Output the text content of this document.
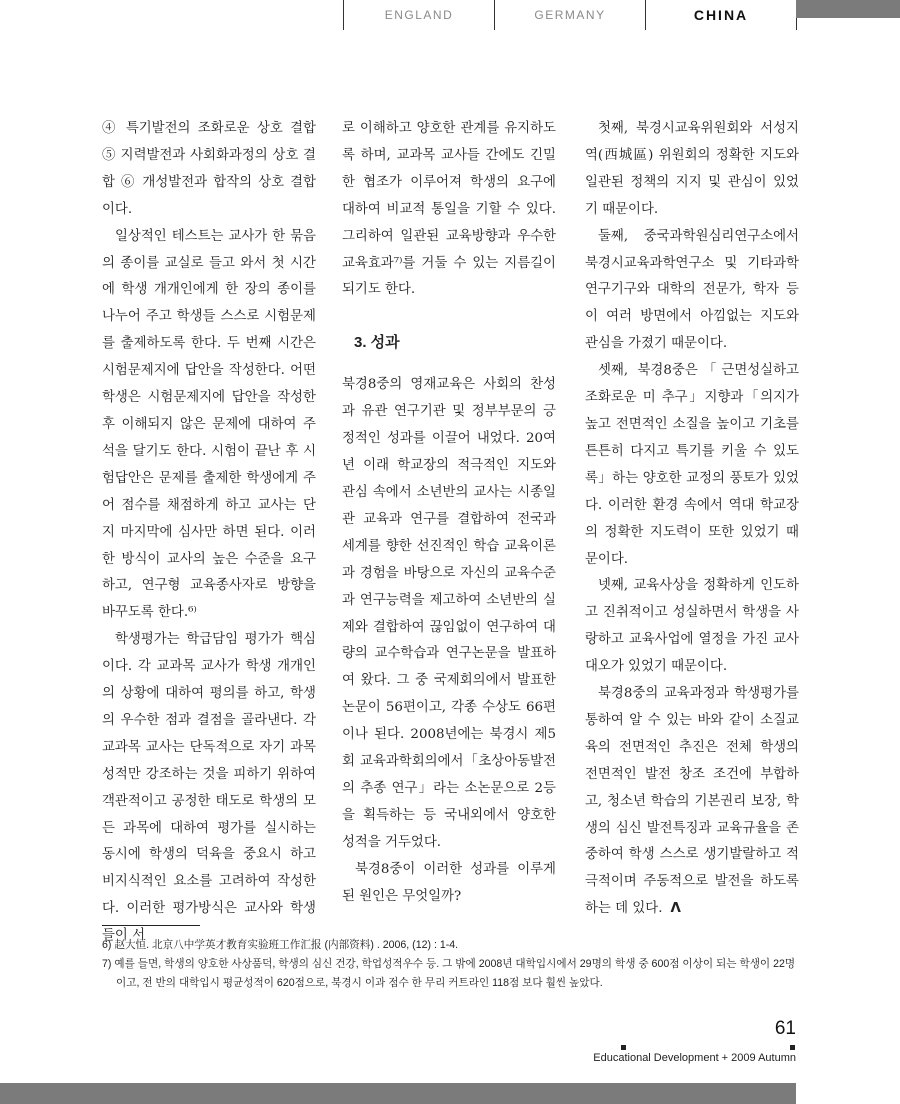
ENGLAND	GERMANY	CHINA

④ 특기발전의 조화로운 상호 결합 ⑤ 지력발전과 사회화과정의 상호 결합 ⑥ 개성발전과 합작의 상호 결합이다.

일상적인 테스트는 교사가 한 묶음의 종이를 교실로 들고 와서 첫 시간에 학생 개개인에게 한 장의 종이를 나누어 주고 학생들 스스로 시험문제를 출제하도록 한다. 두 번째 시간은 시험문제지에 답안을 작성한다. 어떤 학생은 시험문제지에 답안을 작성한 후 이해되지 않은 문제에 대하여 주석을 달기도 한다. 시험이 끝난 후 시험답안은 문제를 출제한 학생에게 주어 점수를 채점하게 하고 교사는 단지 마지막에 심사만 하면 된다. 이러한 방식이 교사의 높은 수준을 요구하고, 연구형 교육종사자로 방향을 바꾸도록 한다.⁶⁾

학생평가는 학급담임 평가가 핵심이다. 각 교과목 교사가 학생 개개인의 상황에 대하여 평의를 하고, 학생의 우수한 점과 결점을 골라낸다. 각 교과목 교사는 단독적으로 자기 과목 성적만 강조하는 것을 피하기 위하여 객관적이고 공정한 태도로 학생의 모든 과목에 대하여 평가를 실시하는 동시에 학생의 덕육을 중요시 하고 비지식적인 요소를 고려하여 작성한다. 이러한 평가방식은 교사와 학생들이 서

로 이해하고 양호한 관계를 유지하도록 하며, 교과목 교사들 간에도 긴밀한 협조가 이루어져 학생의 요구에 대하여 비교적 통일을 기할 수 있다. 그리하여 일관된 교육방향과 우수한 교육효과⁷⁾를 거둘 수 있는 지름길이 되기도 한다.

3. 성과

북경8중의 영재교육은 사회의 찬성과 유관 연구기관 및 정부부문의 긍정적인 성과를 이끌어 내었다. 20여년 이래 학교장의 적극적인 지도와 관심 속에서 소년반의 교사는 시종일관 교육과 연구를 결합하여 전국과 세계를 향한 선진적인 학습 교육이론과 경험을 바탕으로 자신의 교육수준과 연구능력을 제고하여 소년반의 실제와 결합하여 끊임없이 연구하여 대량의 교수학습과 연구논문을 발표하여 왔다. 그 중 국제회의에서 발표한 논문이 56편이고, 각종 수상도 66편이나 된다. 2008년에는 북경시 제5회 교육과학회의에서「초상아동발전의 추종 연구」라는 소논문으로 2등을 획득하는 등 국내외에서 양호한 성적을 거두었다.

북경8중이 이러한 성과를 이루게 된 원인은 무엇일까?

첫째, 북경시교육위원회와 서성지역(西城區) 위원회의 정확한 지도와 일관된 정책의 지지 및 관심이 있었기 때문이다.

둘째, 중국과학원심리연구소에서 북경시교육과학연구소 및 기타과학연구기구와 대학의 전문가, 학자 등이 여러 방면에서 아낌없는 지도와 관심을 가졌기 때문이다.

셋째, 북경8중은「근면성실하고 조화로운 미 추구」지향과「의지가 높고 전면적인 소질을 높이고 기초를 튼튼히 다지고 특기를 키울 수 있도록」하는 양호한 교정의 풍토가 있었다. 이러한 환경 속에서 역대 학교장의 정확한 지도력이 또한 있었기 때문이다.

넷째, 교육사상을 정확하게 인도하고 진취적이고 성실하면서 학생을 사랑하고 교육사업에 열정을 가진 교사대오가 있었기 때문이다.

북경8중의 교육과정과 학생평가를 통하여 알 수 있는 바와 같이 소질교육의 전면적인 추진은 전체 학생의 전면적인 발전 창조 조건에 부합하고, 청소년 학습의 기본권리 보장, 학생의 심신 발전특징과 교육규율을 존중하여 학생 스스로 생기발랄하고 적극적이며 주동적으로 발전을 하도록 하는 데 있다. ⴷ

6) 赵大恒. 北京八中学英才教育实验班工作汇报 (内部资料) . 2006, (12) : 1-4.

7) 예를 들면, 학생의 양호한 사상품덕, 학생의 심신 건강, 학업성적우수 등. 그 밖에 2008년 대학입시에서 29명의 학생 중 600점 이상이 되는 학생이 22명이고, 전 반의 대학입시 평균성적이 620점으로, 북경시 이과 점수 한 무리 커트라인 118점 보다 훨씬 높았다.

61
Educational Development + 2009 Autumn
